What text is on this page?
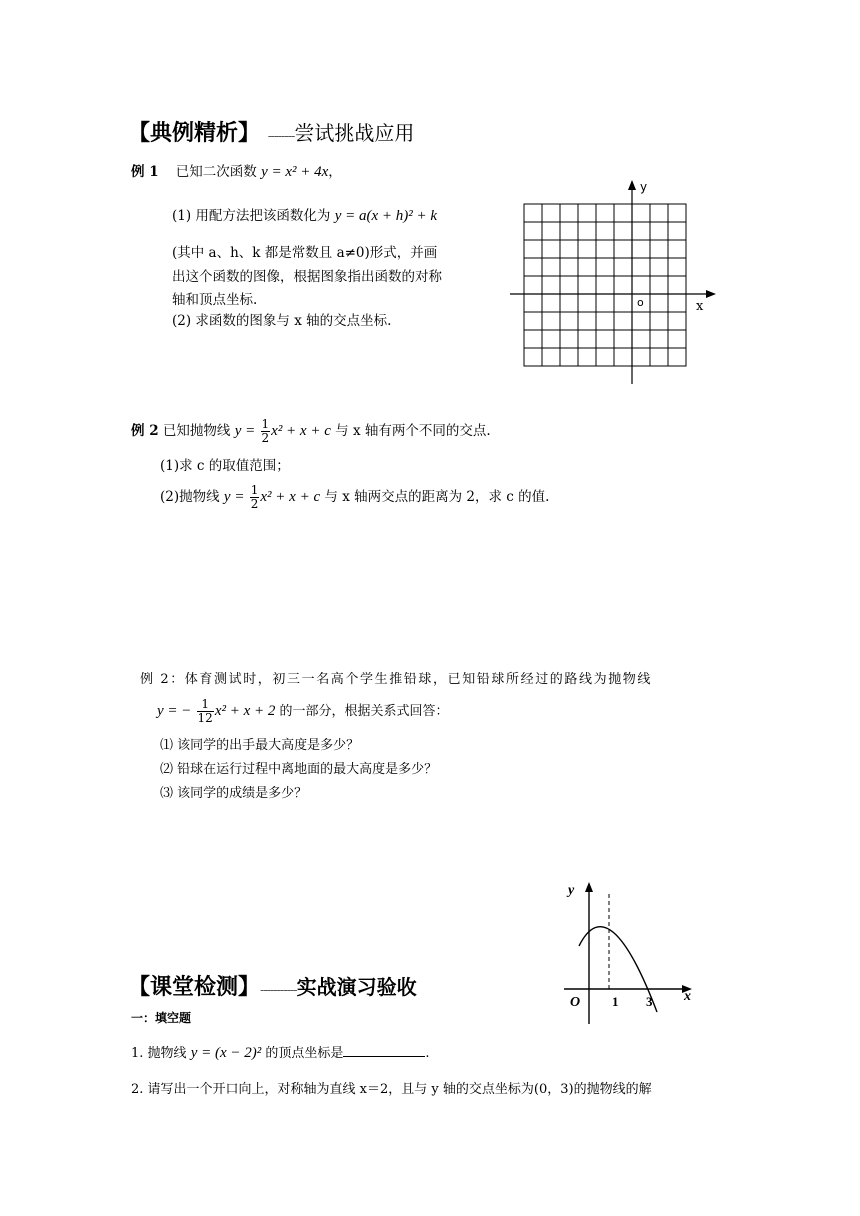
【典例精析】 --------尝试挑战应用
例 1 已知二次函数 y = x² + 4x，
(1) 用配方法把该函数化为 y = a(x + h)² + k
(其中 a、h、k 都是常数且 a≠0)形式，并画
出这个函数的图像，根据图象指出函数的对称
轴和顶点坐标.
(2) 求函数的图象与 x 轴的交点坐标.
y
x
o
例 2 已知抛物线 $y = \frac{1}{2} x^2 + x + c$ 与 x 轴有两个不同的交点.
(1)求 c 的取值范围；
(2)抛物线 $y = \frac{1}{2} x^2 + x + c$ 与 x 轴两交点的距离为 2，求 c 的值.
例 2：体育测试时，初三一名高个学生推铅球，已知铅球所经过的路线为抛物线
y = − $\frac{1}{12} x^2 + x + 2$ 的一部分，根据关系式回答：
⑴ 该同学的出手最大高度是多少？
⑵ 铅球在运行过程中离地面的最大高度是多少？
⑶ 该同学的成绩是多少？
y
x
O 1 3
【课堂检测】-----------实战演习验收
一：填空题
1. 抛物线 y = (x − 2)² 的顶点坐标是	.
2. 请写出一个开口向上，对称轴为直线 x＝2，且与 y 轴的交点坐标为(0，3)的抛物线的解
